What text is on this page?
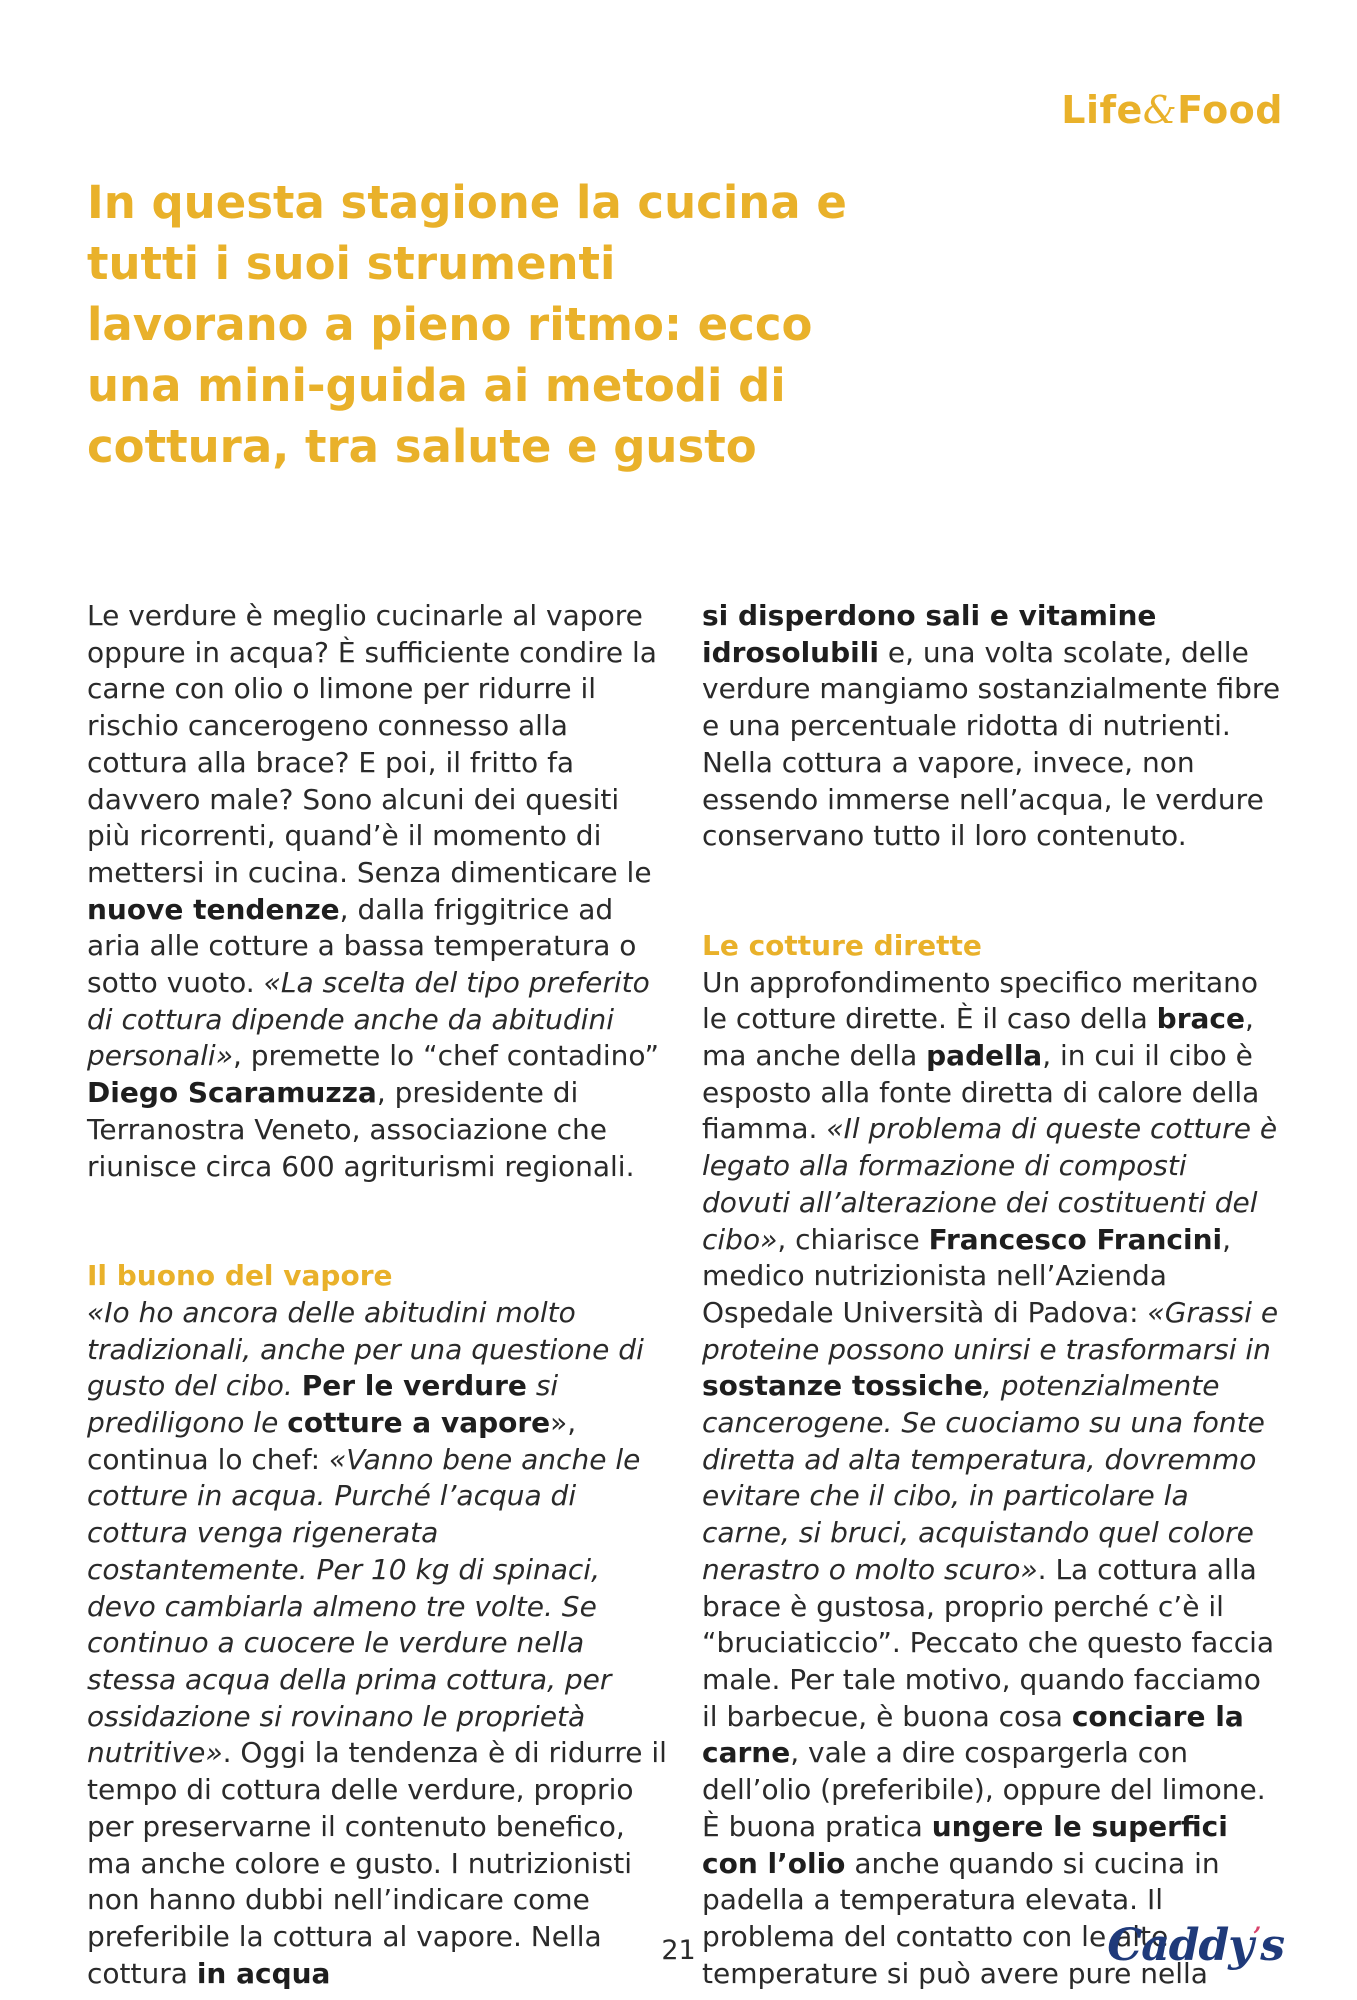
Life&Food
In questa stagione la cucina e tutti i suoi strumenti lavorano a pieno ritmo: ecco una mini-guida ai metodi di cottura, tra salute e gusto

Le verdure è meglio cucinarle al vapore oppure in acqua? È sufficiente condire la carne con olio o limone per ridurre il rischio cancerogeno connesso alla cottura alla brace? E poi, il fritto fa davvero male? Sono alcuni dei quesiti più ricorrenti, quand’è il momento di mettersi in cucina. Senza dimenticare le nuove tendenze, dalla friggitrice ad aria alle cotture a bassa temperatura o sotto vuoto. «La scelta del tipo preferito di cottura dipende anche da abitudini personali», premette lo “chef contadino” Diego Scaramuzza, presidente di Terranostra Veneto, associazione che riunisce circa 600 agriturismi regionali.

Il buono del vapore

«Io ho ancora delle abitudini molto tradizionali, anche per una questione di gusto del cibo. Per le verdure si prediligono le cotture a vapore», continua lo chef: «Vanno bene anche le cotture in acqua. Purché l’acqua di cottura venga rigenerata costantemente. Per 10 kg di spinaci, devo cambiarla almeno tre volte. Se continuo a cuocere le verdure nella stessa acqua della prima cottura, per ossidazione si rovinano le proprietà nutritive». Oggi la tendenza è di ridurre il tempo di cottura delle verdure, proprio per preservarne il contenuto benefico, ma anche colore e gusto. I nutrizionisti non hanno dubbi nell’indicare come preferibile la cottura al vapore. Nella cottura in acqua

si disperdono sali e vitamine idrosolubili e, una volta scolate, delle verdure mangiamo sostanzialmente fibre e una percentuale ridotta di nutrienti. Nella cottura a vapore, invece, non essendo immerse nell’acqua, le verdure conservano tutto il loro contenuto.

Le cotture dirette

Un approfondimento specifico meritano le cotture dirette. È il caso della brace, ma anche della padella, in cui il cibo è esposto alla fonte diretta di calore della fiamma. «Il problema di queste cotture è legato alla formazione di composti dovuti all’alterazione dei costituenti del cibo», chiarisce Francesco Francini, medico nutrizionista nell’Azienda Ospedale Università di Padova: «Grassi e proteine possono unirsi e trasformarsi in sostanze tossiche, potenzialmente cancerogene. Se cuociamo su una fonte diretta ad alta temperatura, dovremmo evitare che il cibo, in particolare la carne, si bruci, acquistando quel colore nerastro o molto scuro». La cottura alla brace è gustosa, proprio perché c’è il “bruciaticcio”. Peccato che questo faccia male. Per tale motivo, quando facciamo il barbecue, è buona cosa conciare la carne, vale a dire cospargerla con dell’olio (preferibile), oppure del limone. È buona pratica ungere le superfici con l’olio anche quando si cucina in padella a temperatura elevata. Il problema del contatto con le alte temperature si può avere pure nella

21	Caddy’s
